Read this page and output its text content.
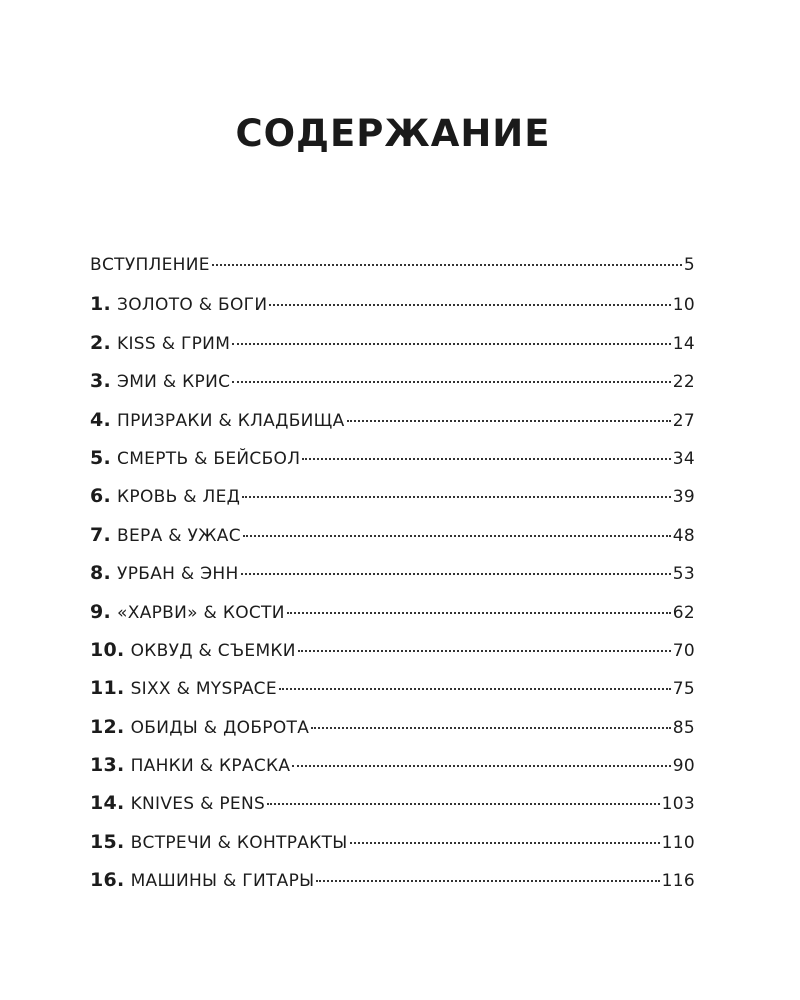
СОДЕРЖАНИЕ
ВСТУПЛЕНИЕ	5
1. ЗОЛОТО & БОГИ	10
2. KISS & ГРИМ	14
3. ЭМИ & КРИС	22
4. ПРИЗРАКИ & КЛАДБИЩА	27
5. СМЕРТЬ & БЕЙСБОЛ	34
6. КРОВЬ & ЛЕД	39
7. ВЕРА & УЖАС	48
8. УРБАН & ЭНН	53
9. «ХАРВИ» & КОСТИ	62
10. ОКВУД & СЪЕМКИ	70
11. SIXX & MYSPACE	75
12. ОБИДЫ & ДОБРОТА	85
13. ПАНКИ & КРАСКА	90
14. KNIVES & PENS	103
15. ВСТРЕЧИ & КОНТРАКТЫ	110
16. МАШИНЫ & ГИТАРЫ	116
